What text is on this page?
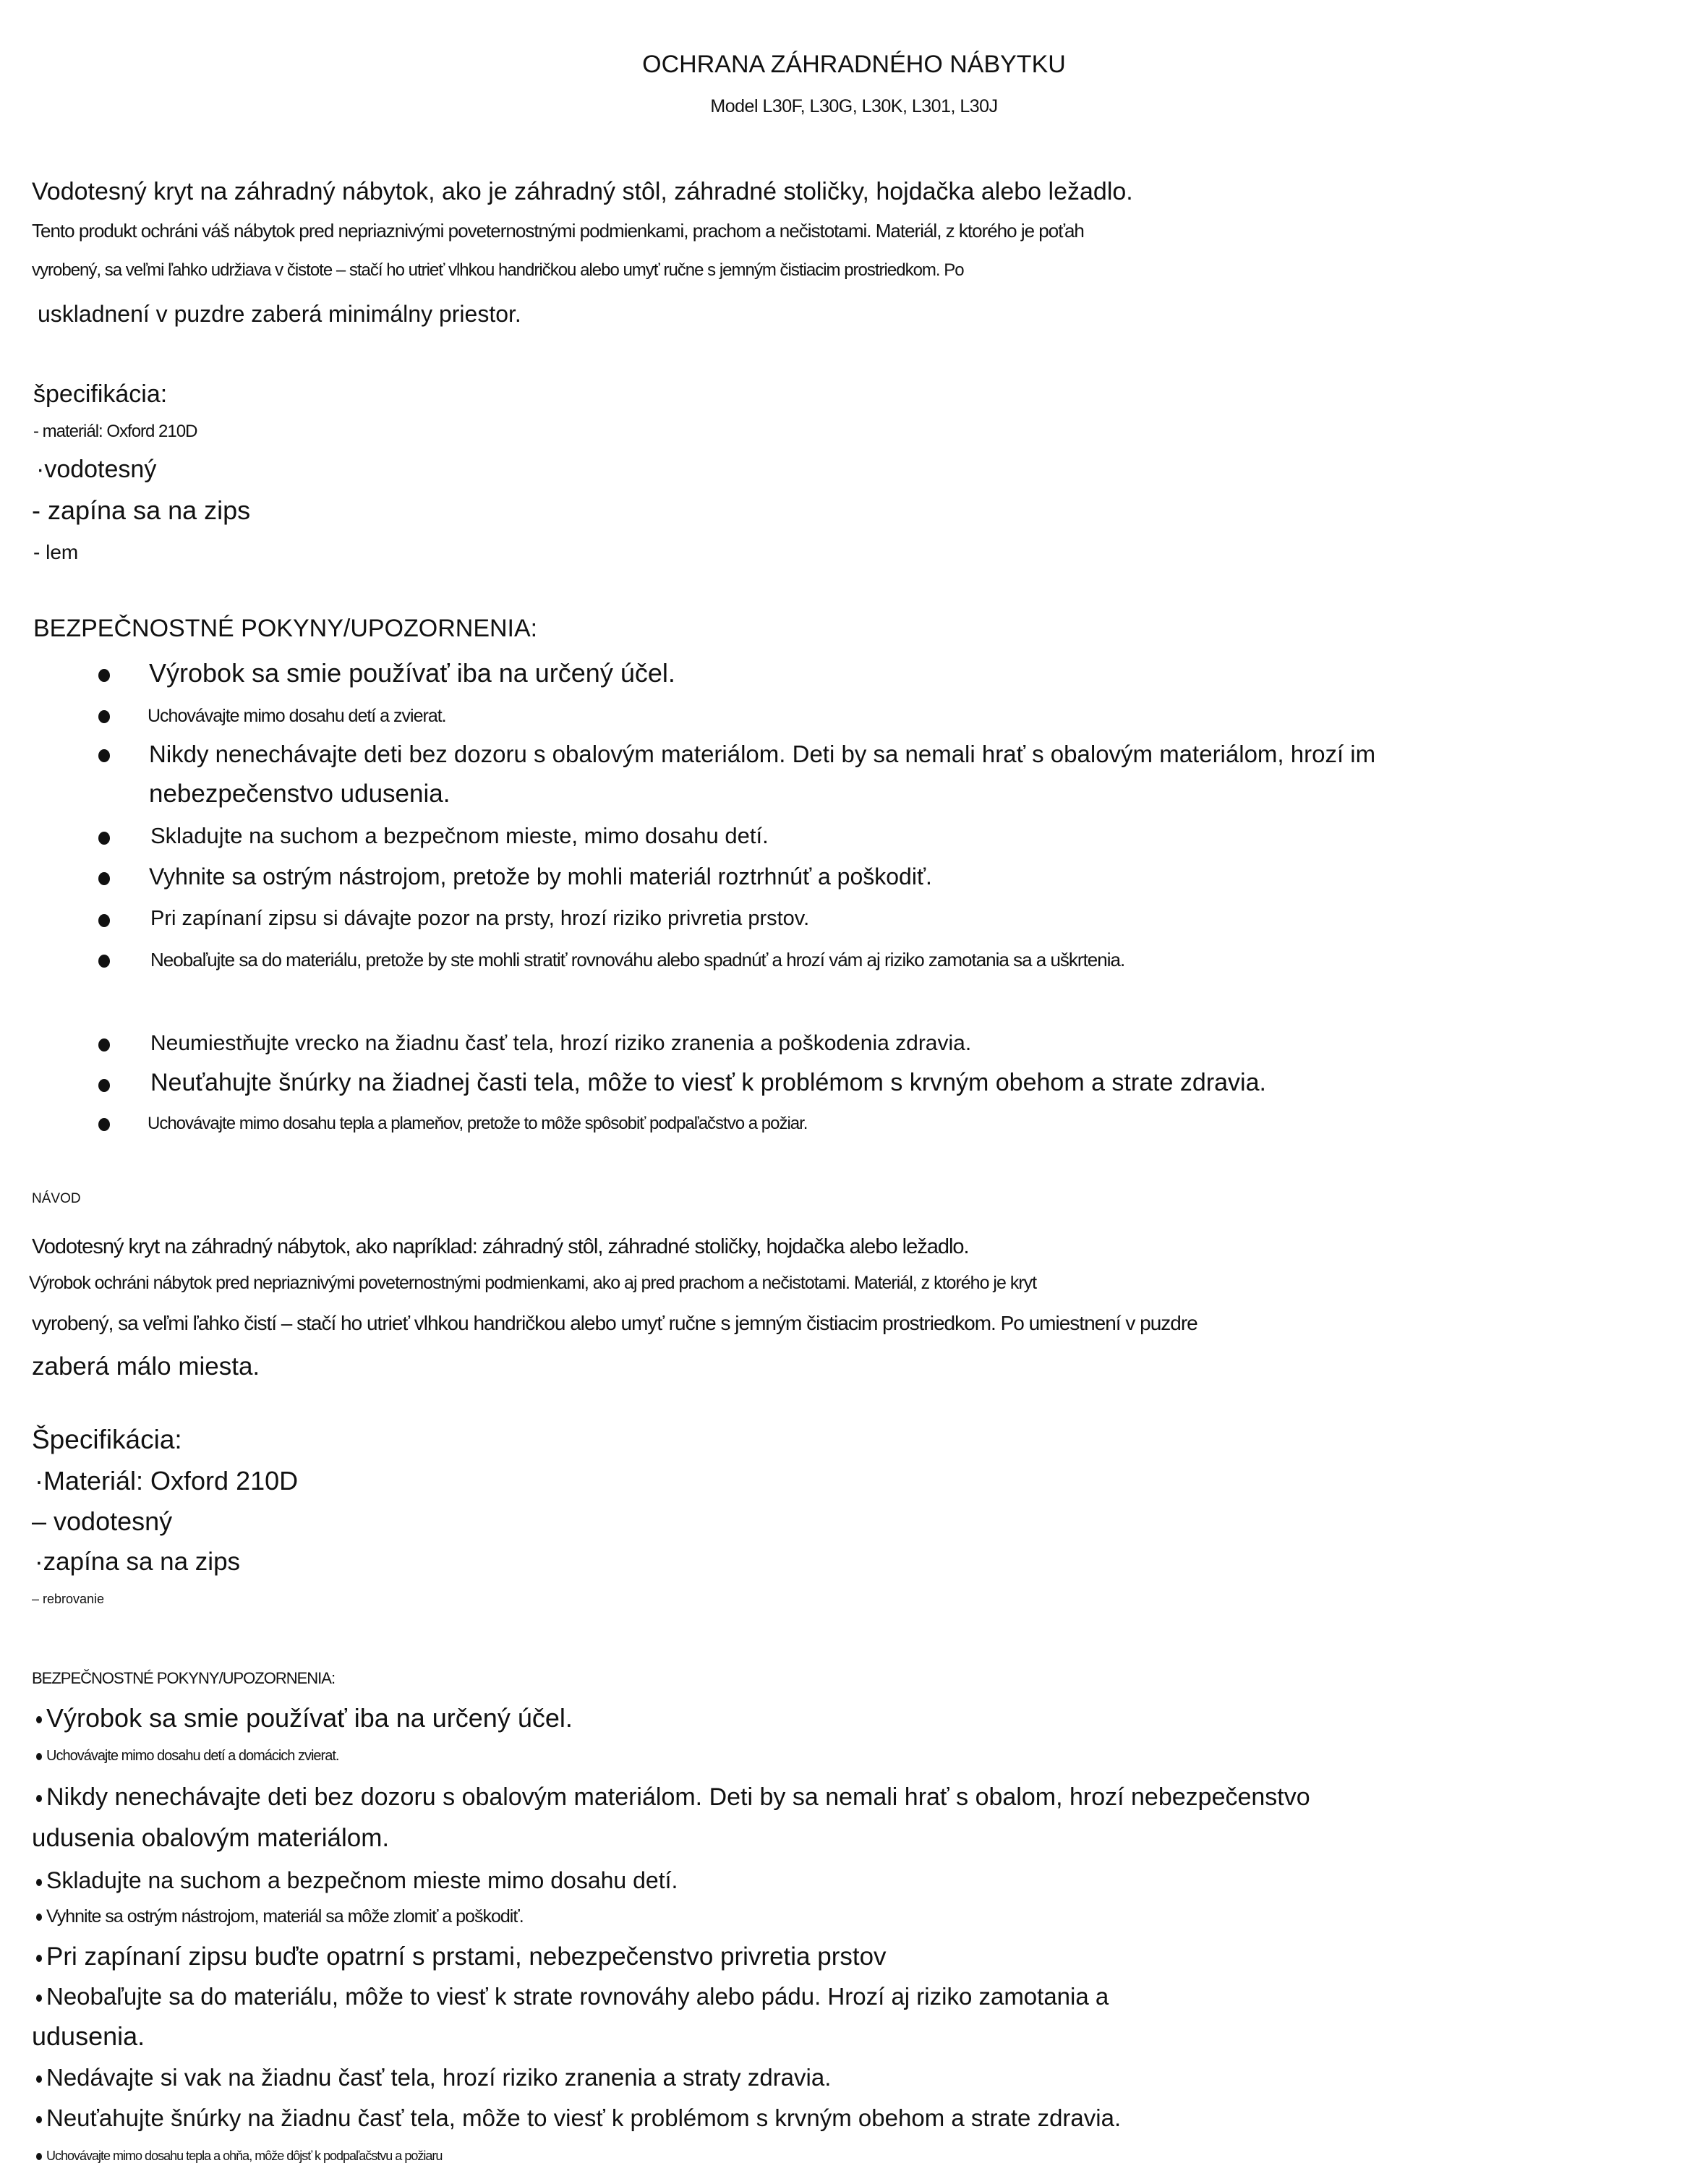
OCHRANA ZÁHRADNÉHO NÁBYTKU
Model L30F, L30G, L30K, L301, L30J
Vodotesný kryt na záhradný nábytok, ako je záhradný stôl, záhradné stoličky, hojdačka alebo ležadlo.
Tento produkt ochráni váš nábytok pred nepriaznivými poveternostnými podmienkami, prachom a nečistotami. Materiál, z ktorého je poťah
vyrobený, sa veľmi ľahko udržiava v čistote – stačí ho utrieť vlhkou handričkou alebo umyť ručne s jemným čistiacim prostriedkom. Po
uskladnení v puzdre zaberá minimálny priestor.
špecifikácia:
- materiál: Oxford 210D
·vodotesný
- zapína sa na zips
- lem
BEZPEČNOSTNÉ POKYNY/UPOZORNENIA:
Výrobok sa smie používať iba na určený účel.
Uchovávajte mimo dosahu detí a zvierat.
Nikdy nenechávajte deti bez dozoru s obalovým materiálom. Deti by sa nemali hrať s obalovým materiálom, hrozí im
nebezpečenstvo udusenia.
Skladujte na suchom a bezpečnom mieste, mimo dosahu detí.
Vyhnite sa ostrým nástrojom, pretože by mohli materiál roztrhnúť a poškodiť.
Pri zapínaní zipsu si dávajte pozor na prsty, hrozí riziko privretia prstov.
Neobaľujte sa do materiálu, pretože by ste mohli stratiť rovnováhu alebo spadnúť a hrozí vám aj riziko zamotania sa a uškrtenia.
Neumiestňujte vrecko na žiadnu časť tela, hrozí riziko zranenia a poškodenia zdravia.
Neuťahujte šnúrky na žiadnej časti tela, môže to viesť k problémom s krvným obehom a strate zdravia.
Uchovávajte mimo dosahu tepla a plameňov, pretože to môže spôsobiť podpaľačstvo a požiar.
NÁVOD
Vodotesný kryt na záhradný nábytok, ako napríklad: záhradný stôl, záhradné stoličky, hojdačka alebo ležadlo.
Výrobok ochráni nábytok pred nepriaznivými poveternostnými podmienkami, ako aj pred prachom a nečistotami. Materiál, z ktorého je kryt
vyrobený, sa veľmi ľahko čistí – stačí ho utrieť vlhkou handričkou alebo umyť ručne s jemným čistiacim prostriedkom. Po umiestnení v puzdre
zaberá málo miesta.
Špecifikácia:
·Materiál: Oxford 210D
– vodotesný
·zapína sa na zips
– rebrovanie
BEZPEČNOSTNÉ POKYNY/UPOZORNENIA:
Výrobok sa smie používať iba na určený účel.
Uchovávajte mimo dosahu detí a domácich zvierat.
Nikdy nenechávajte deti bez dozoru s obalovým materiálom. Deti by sa nemali hrať s obalom, hrozí nebezpečenstvo
udusenia obalovým materiálom.
Skladujte na suchom a bezpečnom mieste mimo dosahu detí.
Vyhnite sa ostrým nástrojom, materiál sa môže zlomiť a poškodiť.
Pri zapínaní zipsu buďte opatrní s prstami, nebezpečenstvo privretia prstov
Neobaľujte sa do materiálu, môže to viesť k strate rovnováhy alebo pádu. Hrozí aj riziko zamotania a
udusenia.
Nedávajte si vak na žiadnu časť tela, hrozí riziko zranenia a straty zdravia.
Neuťahujte šnúrky na žiadnu časť tela, môže to viesť k problémom s krvným obehom a strate zdravia.
Uchovávajte mimo dosahu tepla a ohňa, môže dôjsť k podpaľačstvu a požiaru
